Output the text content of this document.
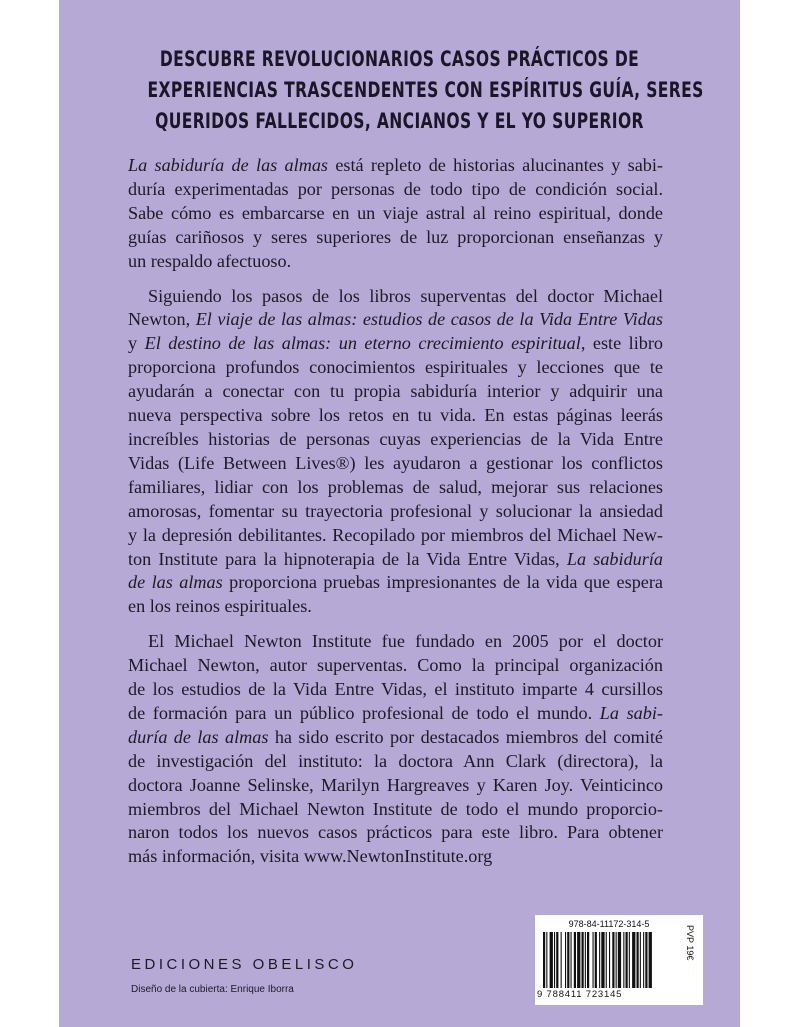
DESCUBRE REVOLUCIONARIOS CASOS PRÁCTICOS DE
EXPERIENCIAS TRASCENDENTES CON ESPÍRITUS GUÍA, SERES
QUERIDOS FALLECIDOS, ANCIANOS Y EL YO SUPERIOR
La sabiduría de las almas está repleto de historias alucinantes y sabi-
duría experimentadas por personas de todo tipo de condición social.
Sabe cómo es embarcarse en un viaje astral al reino espiritual, donde
guías cariñosos y seres superiores de luz proporcionan enseñanzas y
un respaldo afectuoso.
Siguiendo los pasos de los libros superventas del doctor Michael
Newton, El viaje de las almas: estudios de casos de la Vida Entre Vidas
y El destino de las almas: un eterno crecimiento espiritual, este libro
proporciona profundos conocimientos espirituales y lecciones que te
ayudarán a conectar con tu propia sabiduría interior y adquirir una
nueva perspectiva sobre los retos en tu vida. En estas páginas leerás
increíbles historias de personas cuyas experiencias de la Vida Entre
Vidas (Life Between Lives®) les ayudaron a gestionar los conflictos
familiares, lidiar con los problemas de salud, mejorar sus relaciones
amorosas, fomentar su trayectoria profesional y solucionar la ansiedad
y la depresión debilitantes. Recopilado por miembros del Michael New-
ton Institute para la hipnoterapia de la Vida Entre Vidas, La sabiduría
de las almas proporciona pruebas impresionantes de la vida que espera
en los reinos espirituales.
El Michael Newton Institute fue fundado en 2005 por el doctor
Michael Newton, autor superventas. Como la principal organización
de los estudios de la Vida Entre Vidas, el instituto imparte 4 cursillos
de formación para un público profesional de todo el mundo. La sabi-
duría de las almas ha sido escrito por destacados miembros del comité
de investigación del instituto: la doctora Ann Clark (directora), la
doctora Joanne Selinske, Marilyn Hargreaves y Karen Joy. Veinticinco
miembros del Michael Newton Institute de todo el mundo proporcio-
naron todos los nuevos casos prácticos para este libro. Para obtener
más información, visita www.NewtonInstitute.org
EDICIONES OBELISCO
Diseño de la cubierta: Enrique Iborra
978-84-11172-314-5
9 788411 723145
PVP 19€
